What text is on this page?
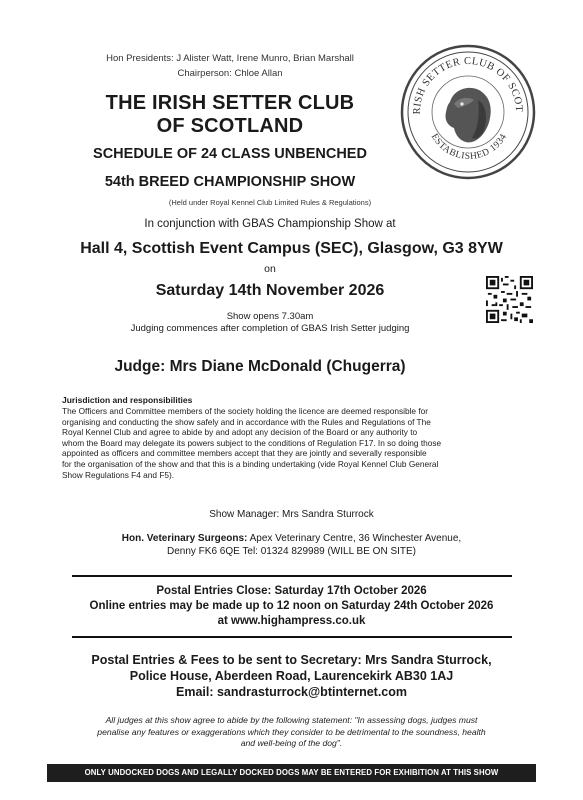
Hon Presidents: J Alister Watt, Irene Munro, Brian Marshall
Chairperson: Chloe Allan
THE IRISH SETTER CLUB
OF SCOTLAND
SCHEDULE OF 24 CLASS UNBENCHED
54th BREED CHAMPIONSHIP SHOW
(Held under Royal Kennel Club Limited Rules & Regulations)
In conjunction with GBAS Championship Show at
Hall 4, Scottish Event Campus (SEC), Glasgow, G3 8YW
on
Saturday 14th November 2026
Show opens 7.30am
Judging commences after completion of GBAS Irish Setter judging
RISH SETTER CLUB OF SCOT
ESTABLISHED 1934
Judge: Mrs Diane McDonald (Chugerra)
Jurisdiction and responsibilities
The Officers and Committee members of the society holding the licence are deemed responsible for
organising and conducting the show safely and in accordance with the Rules and Regulations of The
Royal Kennel Club and agree to abide by and adopt any decision of the Board or any authority to
whom the Board may delegate its powers subject to the conditions of Regulation F17. In so doing those
appointed as officers and committee members accept that they are jointly and severally responsible
for the organisation of the show and that this is a binding undertaking (vide Royal Kennel Club General
Show Regulations F4 and F5).
Show Manager: Mrs Sandra Sturrock
Hon. Veterinary Surgeons: Apex Veterinary Centre, 36 Winchester Avenue,
Denny FK6 6QE Tel: 01324 829989 (WILL BE ON SITE)
Postal Entries Close: Saturday 17th October 2026
Online entries may be made up to 12 noon on Saturday 24th October 2026
at www.highampress.co.uk
Postal Entries & Fees to be sent to Secretary: Mrs Sandra Sturrock,
Police House, Aberdeen Road, Laurencekirk AB30 1AJ
Email: sandrasturrock@btinternet.com
All judges at this show agree to abide by the following statement: "In assessing dogs, judges must
penalise any features or exaggerations which they consider to be detrimental to the soundness, health
and well-being of the dog".
ONLY UNDOCKED DOGS AND LEGALLY DOCKED DOGS MAY BE ENTERED FOR EXHIBITION AT THIS SHOW
